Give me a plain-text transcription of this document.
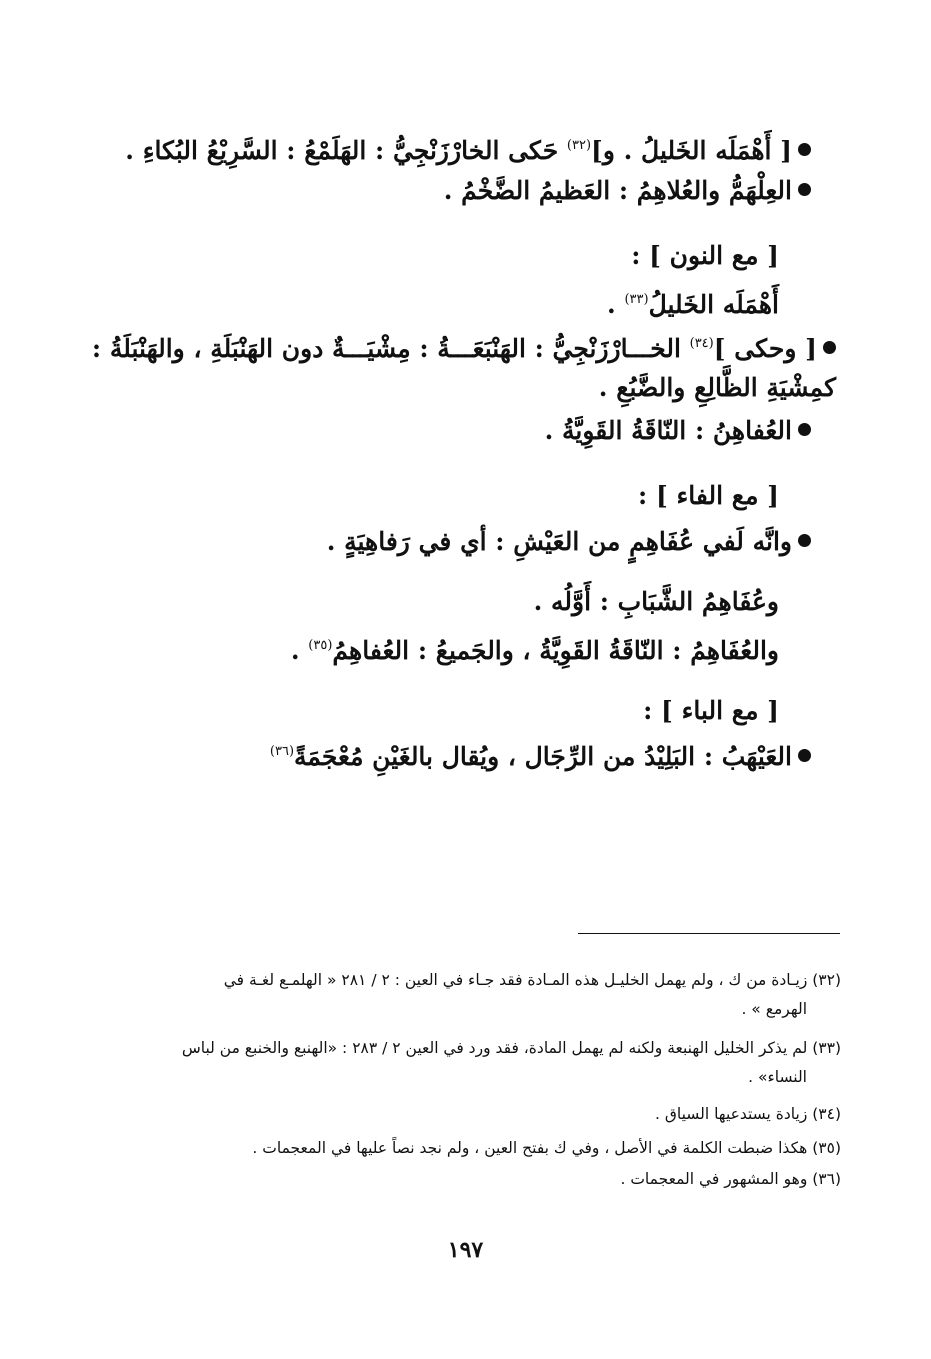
[ أَهْمَلَه الخَليلُ . و]$^{(٣٢)}$ حَكى الخارْزَنْجِيُّ : الهَلَمْعُ : السَّرِيْعُ البُكاءِ .
العِلْهَمُّ والعُلاهِمُ : العَظيمُ الضَّخْمُ .
[ مع النون ] :
أَهْمَلَه الخَليلُ$^{(٣٣)}$ .
[ وحكى ]$^{(٣٤)}$ الخـــارْزَنْجِيُّ : الهَنْبَعَـــةُ : مِشْيَـــةٌ دون الهَنْبَلَةِ ، والهَنْبَلَةُ :
كمِشْيَةِ الظَّالِعِ والضَّبُعِ .
العُفاهِنُ : النّاقَةُ القَوِيَّةُ .
[ مع الفاء ] :
وانَّه لَفي عُفَاهِمٍ من العَيْشِ : أي في رَفاهِيَةٍ .
وعُفَاهِمُ الشَّبَابِ : أَوَّلُه .
والعُفَاهِمُ : النّاقَةُ القَوِيَّةُ ، والجَميعُ : العُفاهِمُ$^{(٣٥)}$ .
[ مع الباء ] :
العَيْهَبُ : البَلِيْدُ من الرِّجَال ، ويُقال بالغَيْنِ مُعْجَمَةً$^{(٣٦)}$
(٣٢) زيـادة من ك ، ولم يهمل الخليـل هذه المـادة فقد جـاء في العين : ٢ / ٢٨١ « الهلمـع لغـة في
الهرمع » .
(٣٣) لم يذكر الخليل الهنبعة ولكنه لم يهمل المادة، فقد ورد في العين ٢ / ٢٨٣ : «الهنبع والخنبع من لباس
النساء» .
(٣٤) زيادة يستدعيها السياق .
(٣٥) هكذا ضبطت الكلمة في الأصل ، وفي ك بفتح العين ، ولم نجد نصاً عليها في المعجمات .
(٣٦) وهو المشهور في المعجمات .
١٩٧
